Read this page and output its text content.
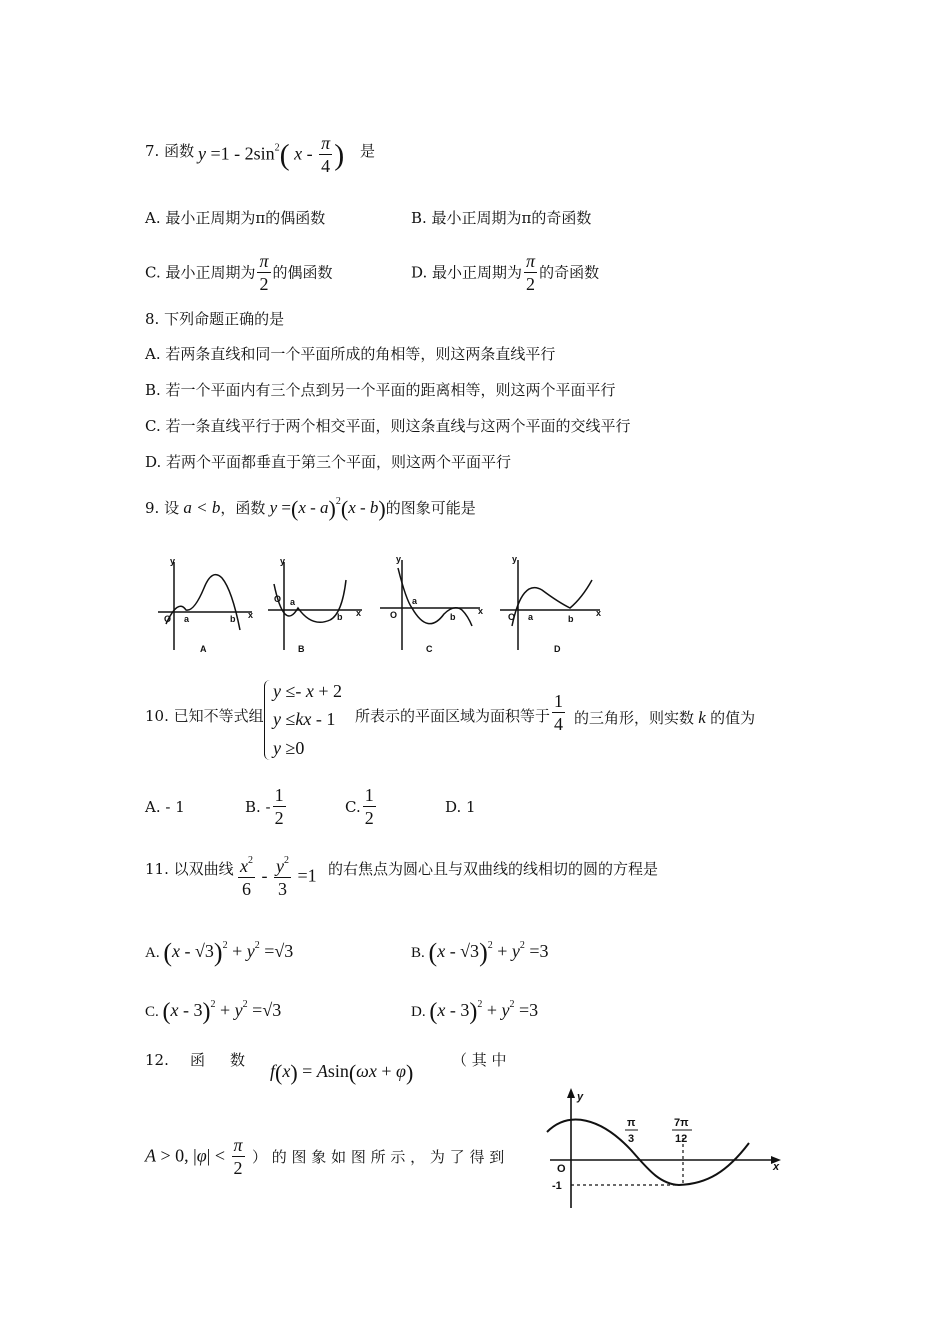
7. 函数 $y =1 - 2\sin^2$( x - $\frac{\pi}{4}$ ) 是
A. 最小正周期为π的偶函数	B. 最小正周期为π的奇函数
C. 最小正周期为 $\frac{\pi}{2}$ 的偶函数	D. 最小正周期为 $\frac{\pi}{2}$ 的奇函数
8. 下列命题正确的是
A. 若两条直线和同一个平面所成的角相等，则这两条直线平行
B. 若一个平面内有三个点到另一个平面的距离相等，则这两个平面平行
C. 若一条直线平行于两个相交平面，则这条直线与这两个平面的交线平行
D. 若两个平面都垂直于第三个平面，则这两个平面平行
9. 设 a < b，函数 y =(x - a)$^2$(x - b)的图象可能是
y
O a	b x
A
y
O a
b x
B
y
O
a
b
x
C
y
O a	b
x
D
10. 已知不等式组
y ≤- x + 2
y ≤kx - 1
y ≥0
所表示的平面区域为面积等于 $\frac{1}{4}$ 的三角形，则实数 k 的值为
A. - 1	B. - $\frac{1}{2}$	C. $\frac{1}{2}$	D. 1
11. 以双曲线 $\frac{x^2}{6} - \frac{y^2}{3} =1$ 的右焦点为圆心且与双曲线的线相切的圆的方程是
A. $(x - √3)^2 + y^2 =√3$	B. $(x - √3)^2 + y^2 =3$
C. $(x - 3)^2 + y^2 =√3$	D. $(x - 3)^2 + y^2 =3$
12. 函 数
f(x) = Asin(ωx + φ)	（ 其 中
A > 0, $|\varphi| < \frac{\pi}{2}$ ） 的 图 象 如 图 所 示 ， 为 了 得 到
y
x
O
π
3
7π
12
-1
